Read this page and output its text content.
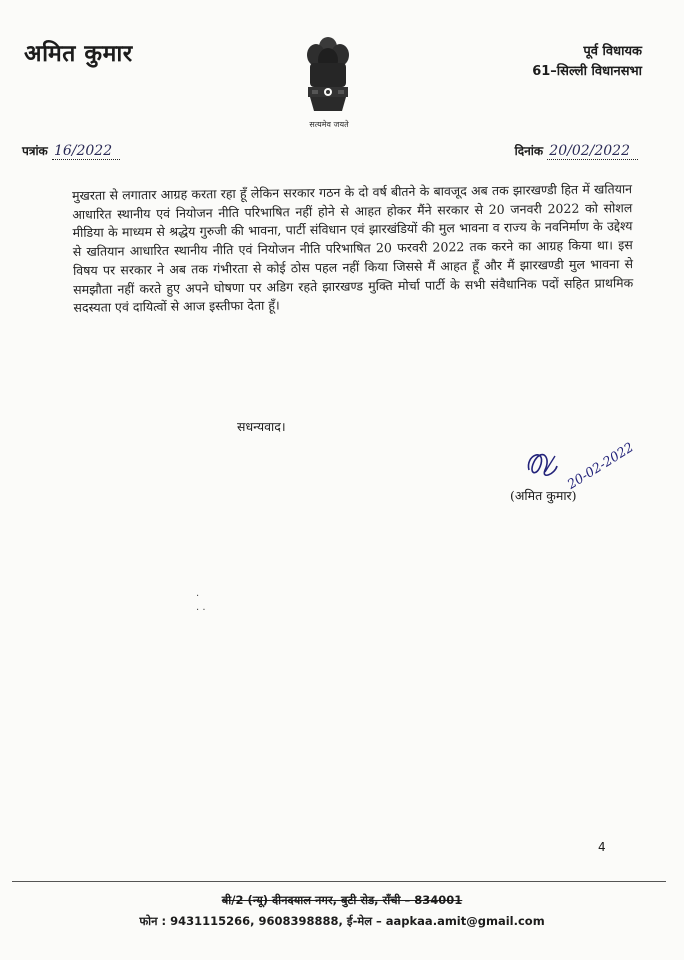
अमित कुमार
सत्यमेव जयते
पूर्व विधायक
61–सिल्ली विधानसभा
पत्रांक 16/2022	दिनांक 20/02/2022

मुखरता से लगातार आग्रह करता रहा हूँ लेकिन सरकार गठन के दो वर्ष बीतने के बावजूद अब तक झारखण्डी हित में खतियान आधारित स्थानीय एवं नियोजन नीति परिभाषित नहीं होने से आहत होकर मैंने सरकार से 20 जनवरी 2022 को सोशल मीडिया के माध्यम से श्रद्धेय गुरुजी की भावना, पार्टी संविधान एवं झारखंडियों की मुल भावना व राज्य के नवनिर्माण के उद्देश्य से खतियान आधारित स्थानीय नीति एवं नियोजन नीति परिभाषित 20 फरवरी 2022 तक करने का आग्रह किया था। इस विषय पर सरकार ने अब तक गंभीरता से कोई ठोस पहल नहीं किया जिससे मैं आहत हूँ और मैं झारखण्डी मुल भावना से समझौता नहीं करते हुए अपने घोषणा पर अडिग रहते झारखण्ड मुक्ति मोर्चा पार्टी के सभी संवैधानिक पदों सहित प्राथमिक सदस्यता एवं दायित्वों से आज इस्तीफा देता हूँ।

सधन्यवाद।
20-02-2022
(अमित कुमार)
·
· ·
4
बी/2 (न्यू) दीनदयाल नगर, बुटी रोड, राँची – 834001
फोन : 9431115266, 9608398888, ई-मेल – aapkaa.amit@gmail.com
